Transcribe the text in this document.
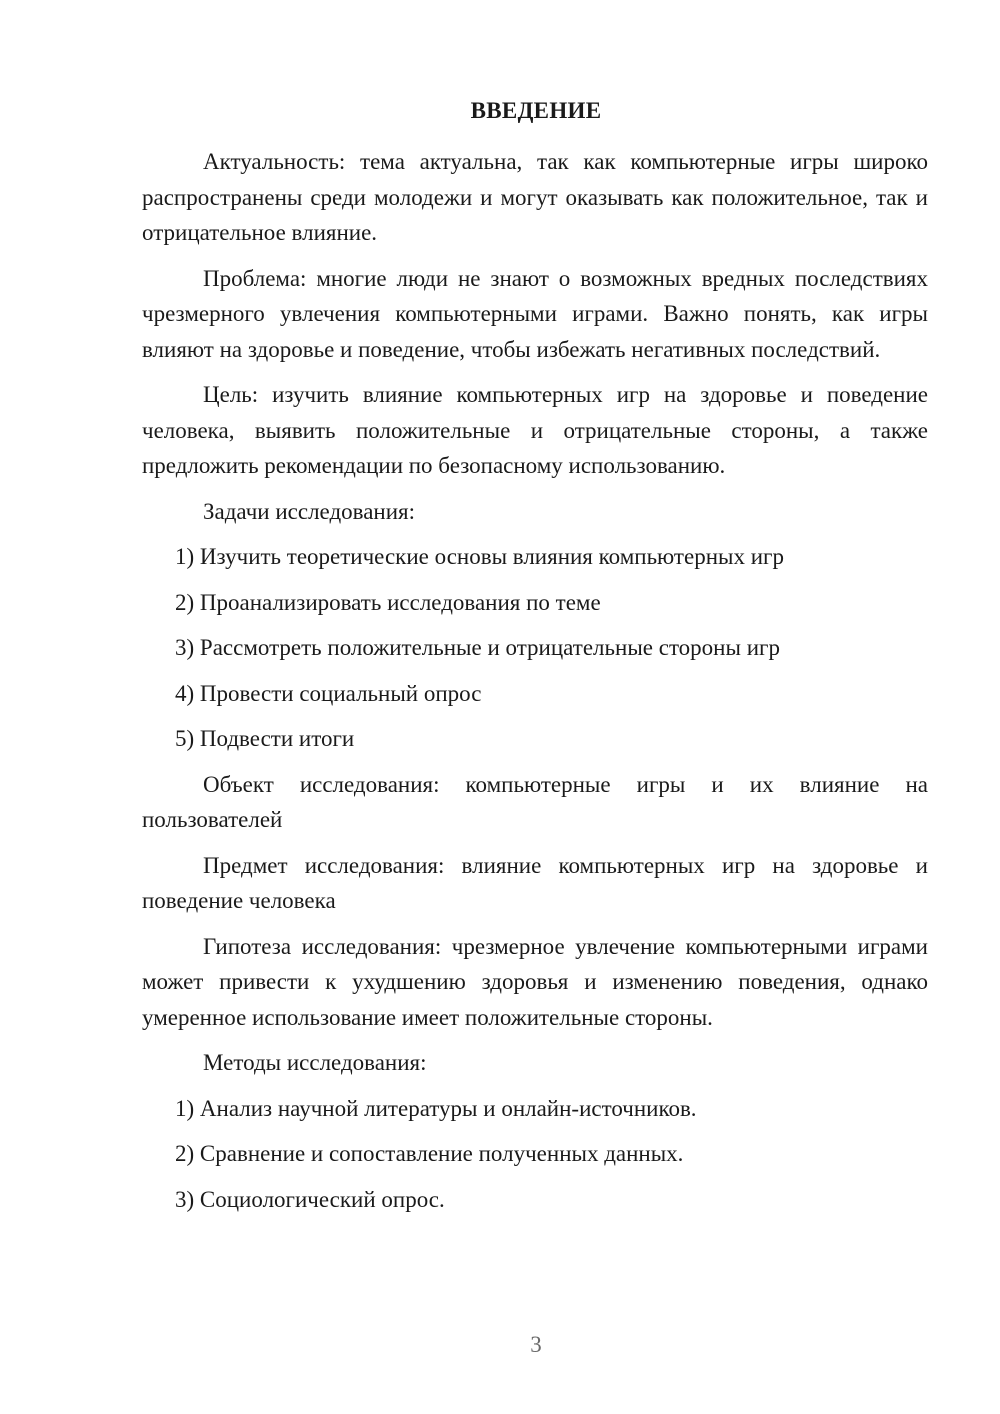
ВВЕДЕНИЕ

Актуальность: тема актуальна, так как компьютерные игры широко распространены среди молодежи и могут оказывать как положительное, так и отрицательное влияние.

Проблема: многие люди не знают о возможных вредных последствиях чрезмерного увлечения компьютерными играми. Важно понять, как игры влияют на здоровье и поведение, чтобы избежать негативных последствий.

Цель: изучить влияние компьютерных игр на здоровье и поведение человека, выявить положительные и отрицательные стороны, а также предложить рекомендации по безопасному использованию.

Задачи исследования:

1) Изучить теоретические основы влияния компьютерных игр
2) Проанализировать исследования по теме
3) Рассмотреть положительные и отрицательные стороны игр
4) Провести социальный опрос
5) Подвести итоги

Объект исследования: компьютерные игры и их влияние на пользователей

Предмет исследования: влияние компьютерных игр на здоровье и поведение человека

Гипотеза исследования: чрезмерное увлечение компьютерными играми может привести к ухудшению здоровья и изменению поведения, однако умеренное использование имеет положительные стороны.

Методы исследования:

1) Анализ научной литературы и онлайн-источников.
2) Сравнение и сопоставление полученных данных.
3) Социологический опрос.
3
